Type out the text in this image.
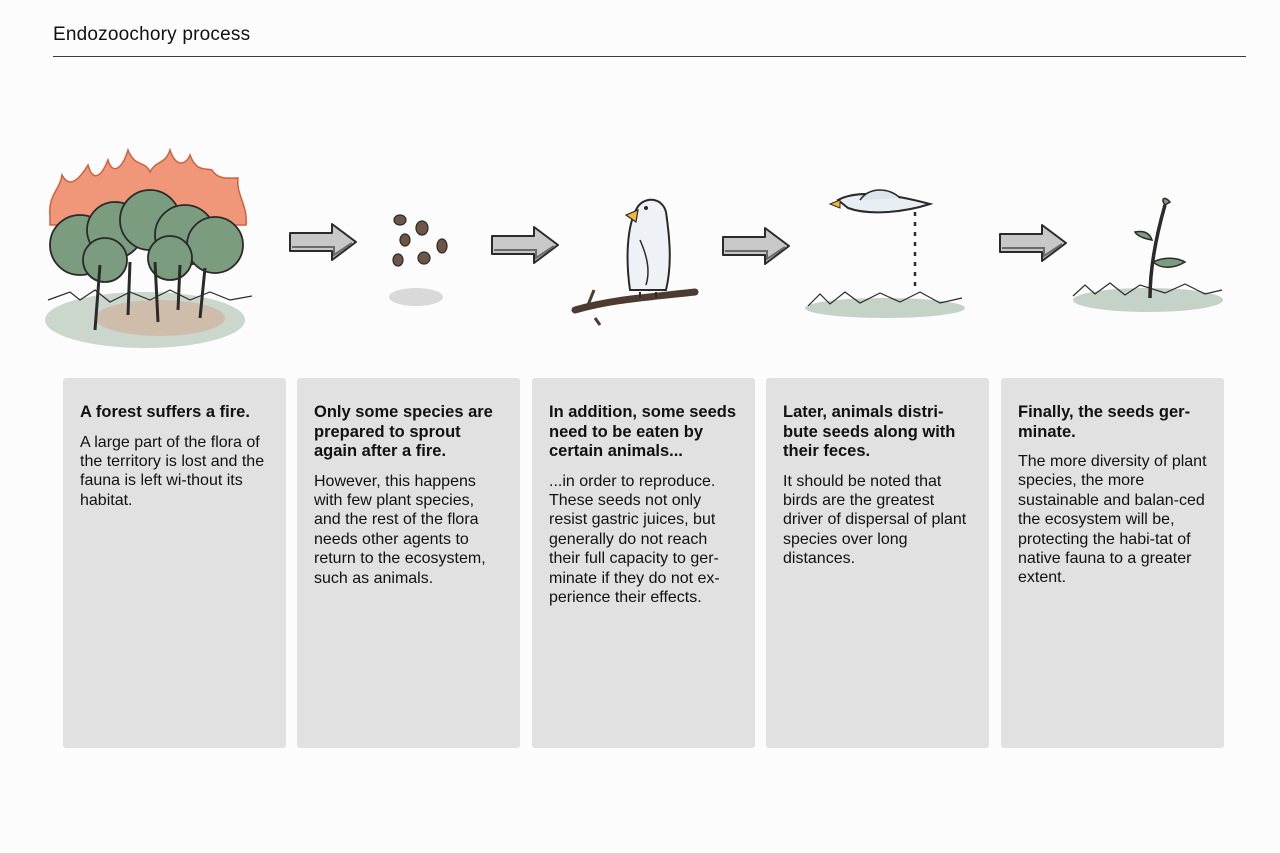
Endozoochory process
A forest suffers a fire.
A large part of the flora of the territory is lost and the fauna is left wi-thout its habitat.
Only some species are prepared to sprout again after a fire.
However, this happens with few plant species, and the rest of the flora needs other agents to return to the ecosystem, such as animals.
In addition, some seeds need to be eaten by certain animals...
...in order to reproduce. These seeds not only resist gastric juices, but generally do not reach their full capacity to ger-minate if they do not ex-perience their effects.
Later, animals distri-bute seeds along with their feces.
It should be noted that birds are the greatest driver of dispersal of plant species over long distances.
Finally, the seeds ger-minate.
The more diversity of plant species, the more sustainable and balan-ced the ecosystem will be, protecting the habi-tat of native fauna to a greater extent.
